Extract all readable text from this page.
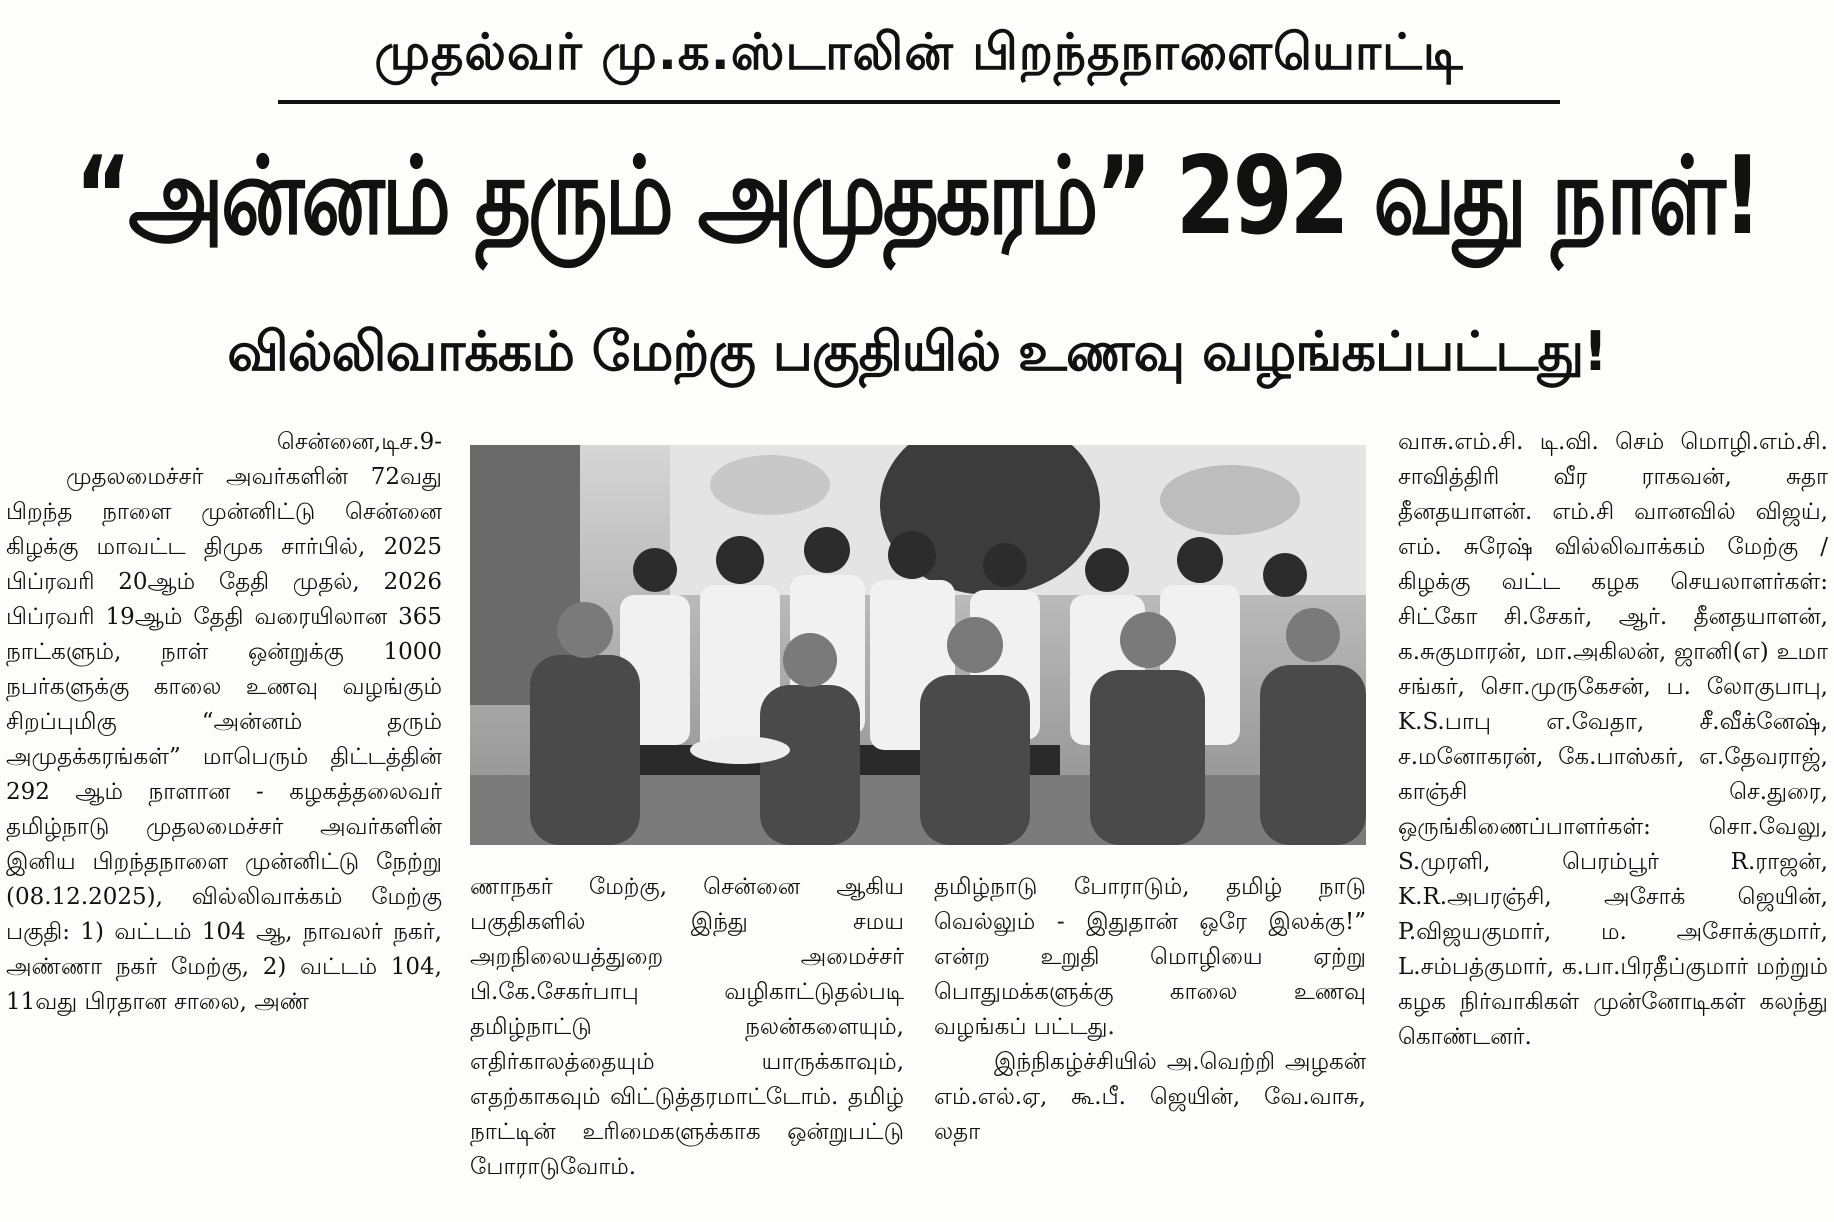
முதல்வர் மு.க.ஸ்டாலின் பிறந்தநாளையொட்டி
“அன்னம் தரும் அமுதகரம்” 292 வது நாள்!
வில்லிவாக்கம் மேற்கு பகுதியில் உணவு வழங்கப்பட்டது!
சென்னை,டிச.9-

முதலமைச்சர் அவர்களின் 72வது பிறந்த நாளை முன்னிட்டு சென்னை கிழக்கு மாவட்ட திமுக சார்பில், 2025 பிப்ரவரி 20ஆம் தேதி முதல், 2026 பிப்ரவரி 19ஆம் தேதி வரையிலான 365 நாட்களும், நாள் ஒன்றுக்கு 1000 நபர்களுக்கு காலை உணவு வழங்கும் சிறப்புமிகு “அன்னம் தரும் அமுதக்கரங்கள்” மாபெரும் திட்டத்தின் 292 ஆம் நாளான - கழகத்தலைவர் தமிழ்நாடு முதலமைச்சர் அவர்களின் இனிய பிறந்தநாளை முன்னிட்டு நேற்று (08.12.2025), வில்லிவாக்கம் மேற்கு பகுதி: 1) வட்டம் 104 ஆ, நாவலர் நகர், அண்ணா நகர் மேற்கு, 2) வட்டம் 104, 11வது பிரதான சாலை, அண்

ணாநகர் மேற்கு, சென்னை ஆகிய பகுதிகளில் இந்து சமய அறநிலையத்துறை அமைச்சர் பி.கே.சேகர்பாபு வழிகாட்டுதல்படி தமிழ்நாட்டு நலன்களையும், எதிர்காலத்தையும் யாருக்காவும், எதற்காகவும் விட்டுத்தரமாட்டோம். தமிழ் நாட்டின் உரிமைகளுக்காக ஒன்றுபட்டு போராடுவோம்.

தமிழ்நாடு போராடும், தமிழ் நாடு வெல்லும் - இதுதான் ஒரே இலக்கு!” என்ற உறுதி மொழியை ஏற்று பொதுமக்களுக்கு காலை உணவு வழங்கப் பட்டது.

இந்நிகழ்ச்சியில் அ.வெற்றி அழகன் எம்.எல்.ஏ, கூ.பீ. ஜெயின், வே.வாசு, லதா

வாசு.எம்.சி. டி.வி. செம் மொழி.எம்.சி. சாவித்திரி வீர ராகவன், சுதா தீனதயாளன். எம்.சி வானவில் விஜய், எம். சுரேஷ் வில்லிவாக்கம் மேற்கு / கிழக்கு வட்ட கழக செயலாளர்கள்: சிட்கோ சி.சேகர், ஆர். தீனதயாளன், க.சுகுமாரன், மா.அகிலன், ஜானி(எ) உமா சங்கர், சொ.முருகேசன், ப. லோகுபாபு, K.S.பாபு எ.வேதா, சீ.வீக்னேஷ், ச.மனோகரன், கே.பாஸ்கர், எ.தேவராஜ், காஞ்சி செ.துரை, ஒருங்கிணைப்பாளர்கள்: சொ.வேலு, S.முரளி, பெரம்பூர் R.ராஜன், K.R.அபரஞ்சி, அசோக் ஜெயின், P.விஜயகுமார், ம. அசோக்குமார், L.சம்பத்குமார், க.பா.பிரதீப்குமார் மற்றும் கழக நிர்வாகிகள் முன்னோடிகள் கலந்து கொண்டனர்.
